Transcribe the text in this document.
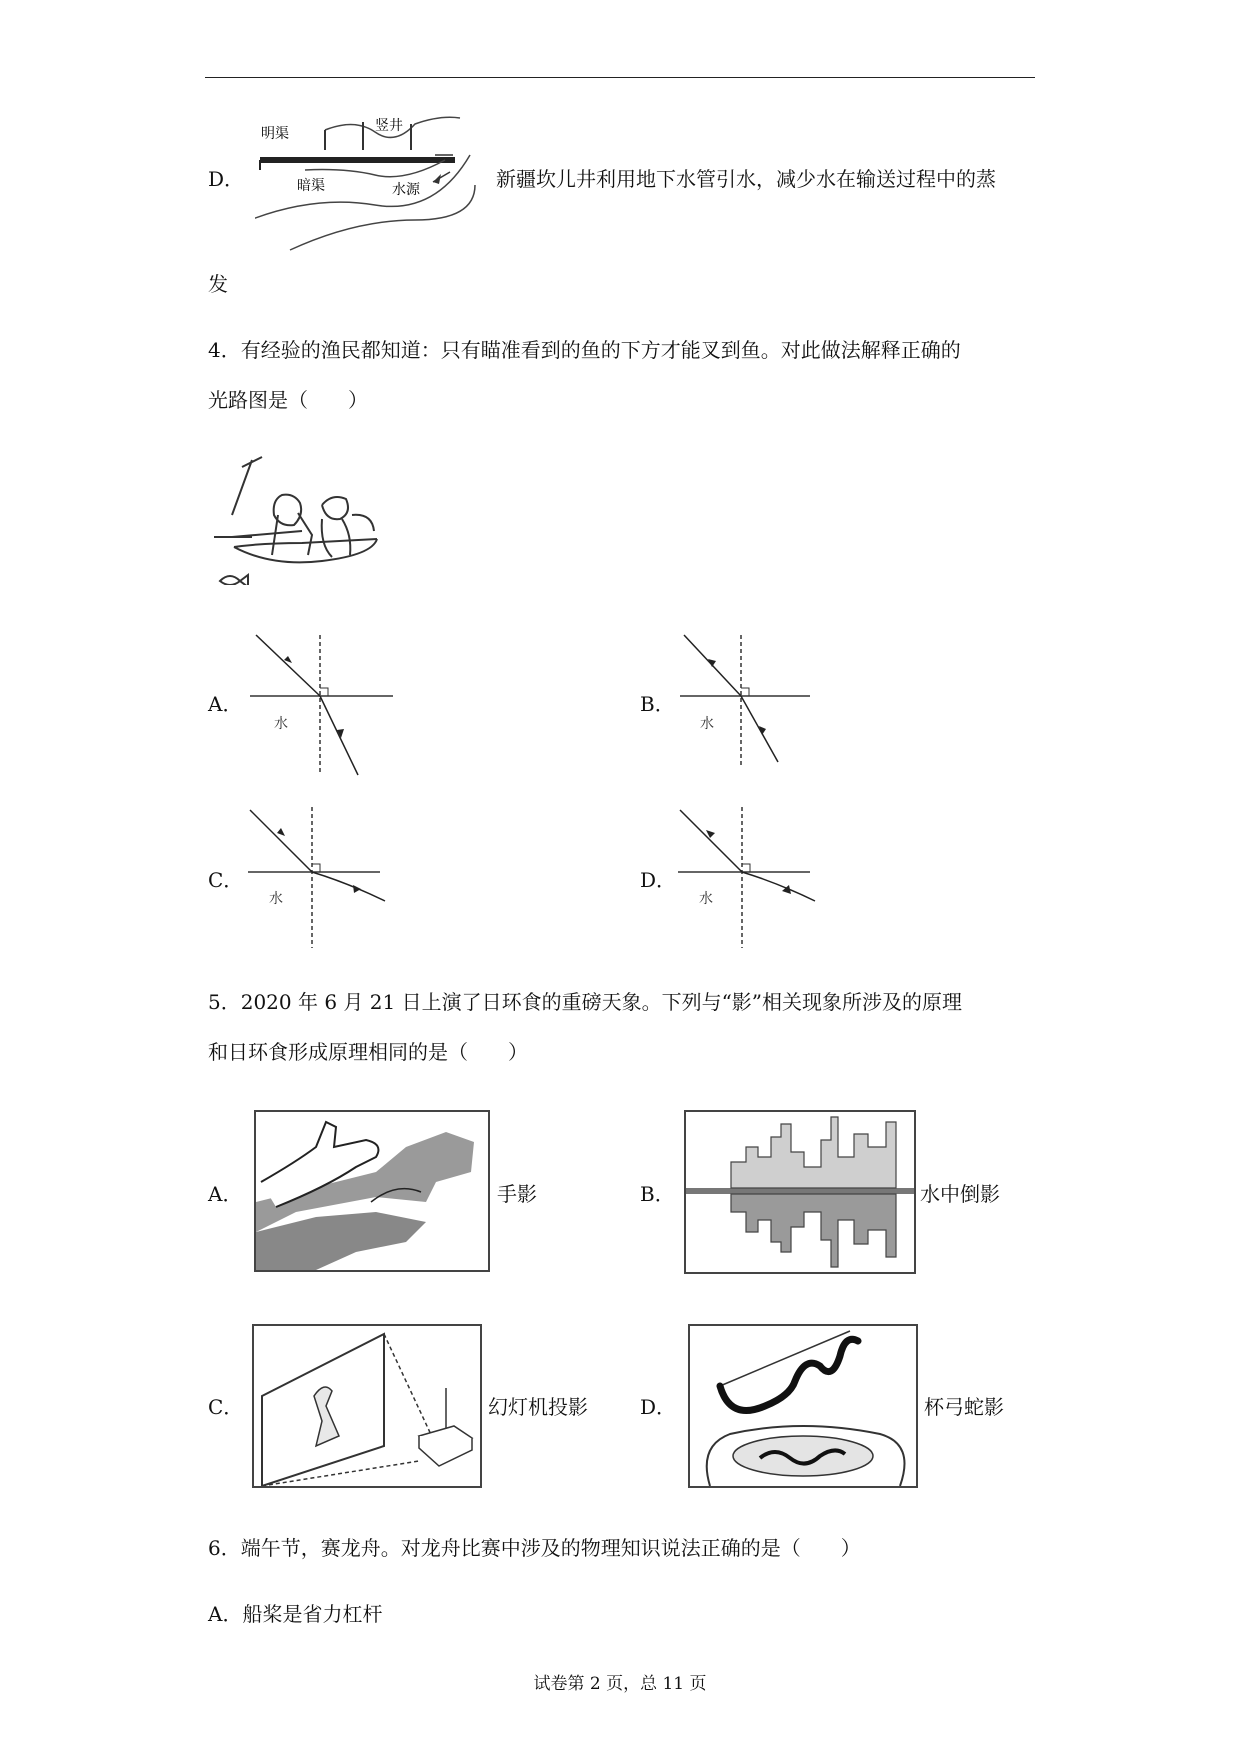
D．
明渠	竖井
暗渠	水源	新疆坎儿井利用地下水管引水，减少水在输送过程中的蒸
发
4．有经验的渔民都知道：只有瞄准看到的鱼的下方才能叉到鱼。对此做法解释正确的
光路图是（　　）
A．
水
B．
水
C．
水
D．
水
5．2020 年 6 月 21 日上演了日环食的重磅天象。下列与“影”相关现象所涉及的原理
和日环食形成原理相同的是（　　）
A．	手影	B．	水中倒影
C．	幻灯机投影	D．	杯弓蛇影
6．端午节，赛龙舟。对龙舟比赛中涉及的物理知识说法正确的是（　　）
A．船桨是省力杠杆
试卷第 2 页，总 11 页
